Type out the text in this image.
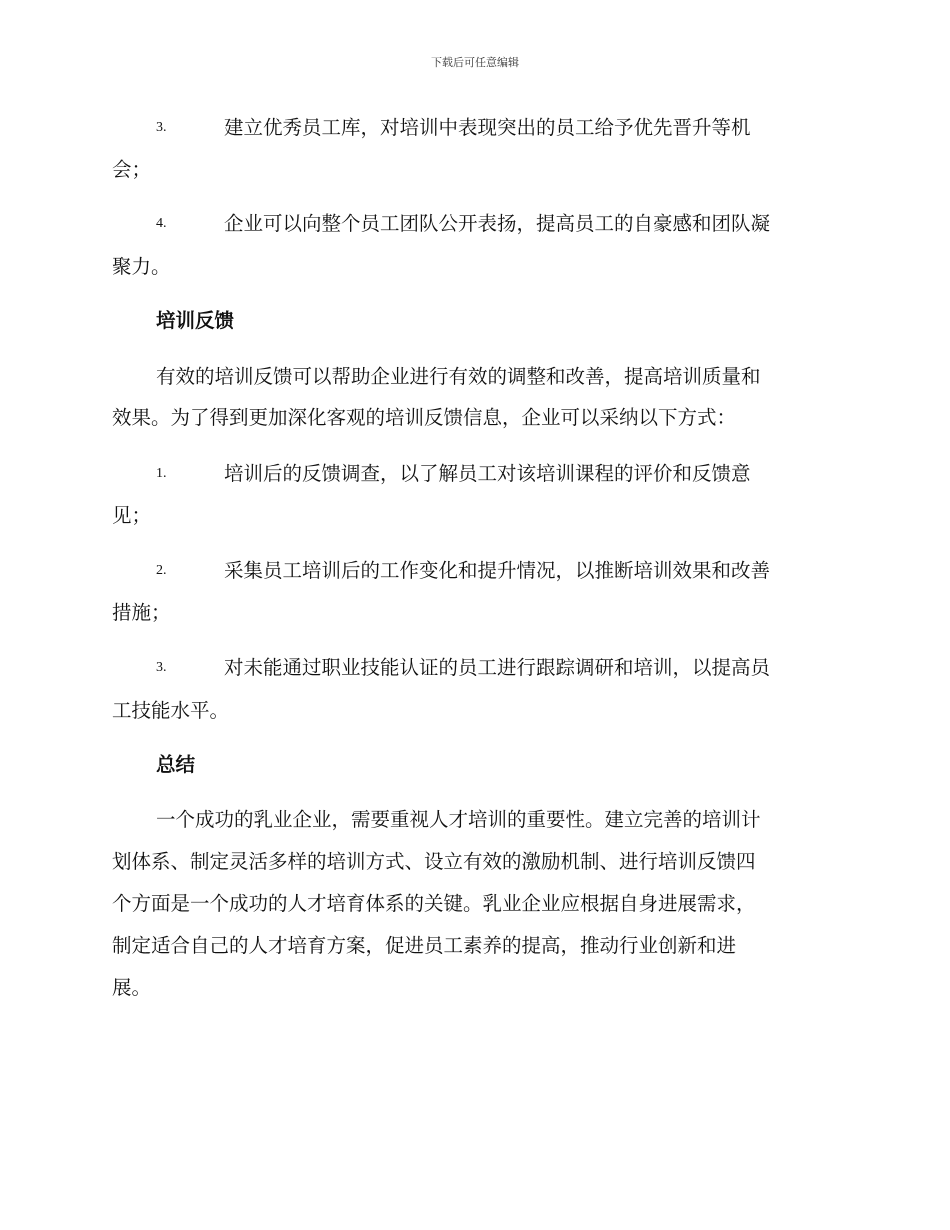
下载后可任意编辑
3.	建立优秀员工库，对培训中表现突出的员工给予优先晋升等机
会；
4.	企业可以向整个员工团队公开表扬，提高员工的自豪感和团队凝
聚力。
培训反馈
有效的培训反馈可以帮助企业进行有效的调整和改善，提高培训质量和
效果。为了得到更加深化客观的培训反馈信息，企业可以采纳以下方式：
1.	培训后的反馈调查，以了解员工对该培训课程的评价和反馈意
见；
2.	采集员工培训后的工作变化和提升情况，以推断培训效果和改善
措施；
3.	对未能通过职业技能认证的员工进行跟踪调研和培训，以提高员
工技能水平。
总结
一个成功的乳业企业，需要重视人才培训的重要性。建立完善的培训计
划体系、制定灵活多样的培训方式、设立有效的激励机制、进行培训反馈四
个方面是一个成功的人才培育体系的关键。乳业企业应根据自身进展需求，
制定适合自己的人才培育方案，促进员工素养的提高，推动行业创新和进
展。
